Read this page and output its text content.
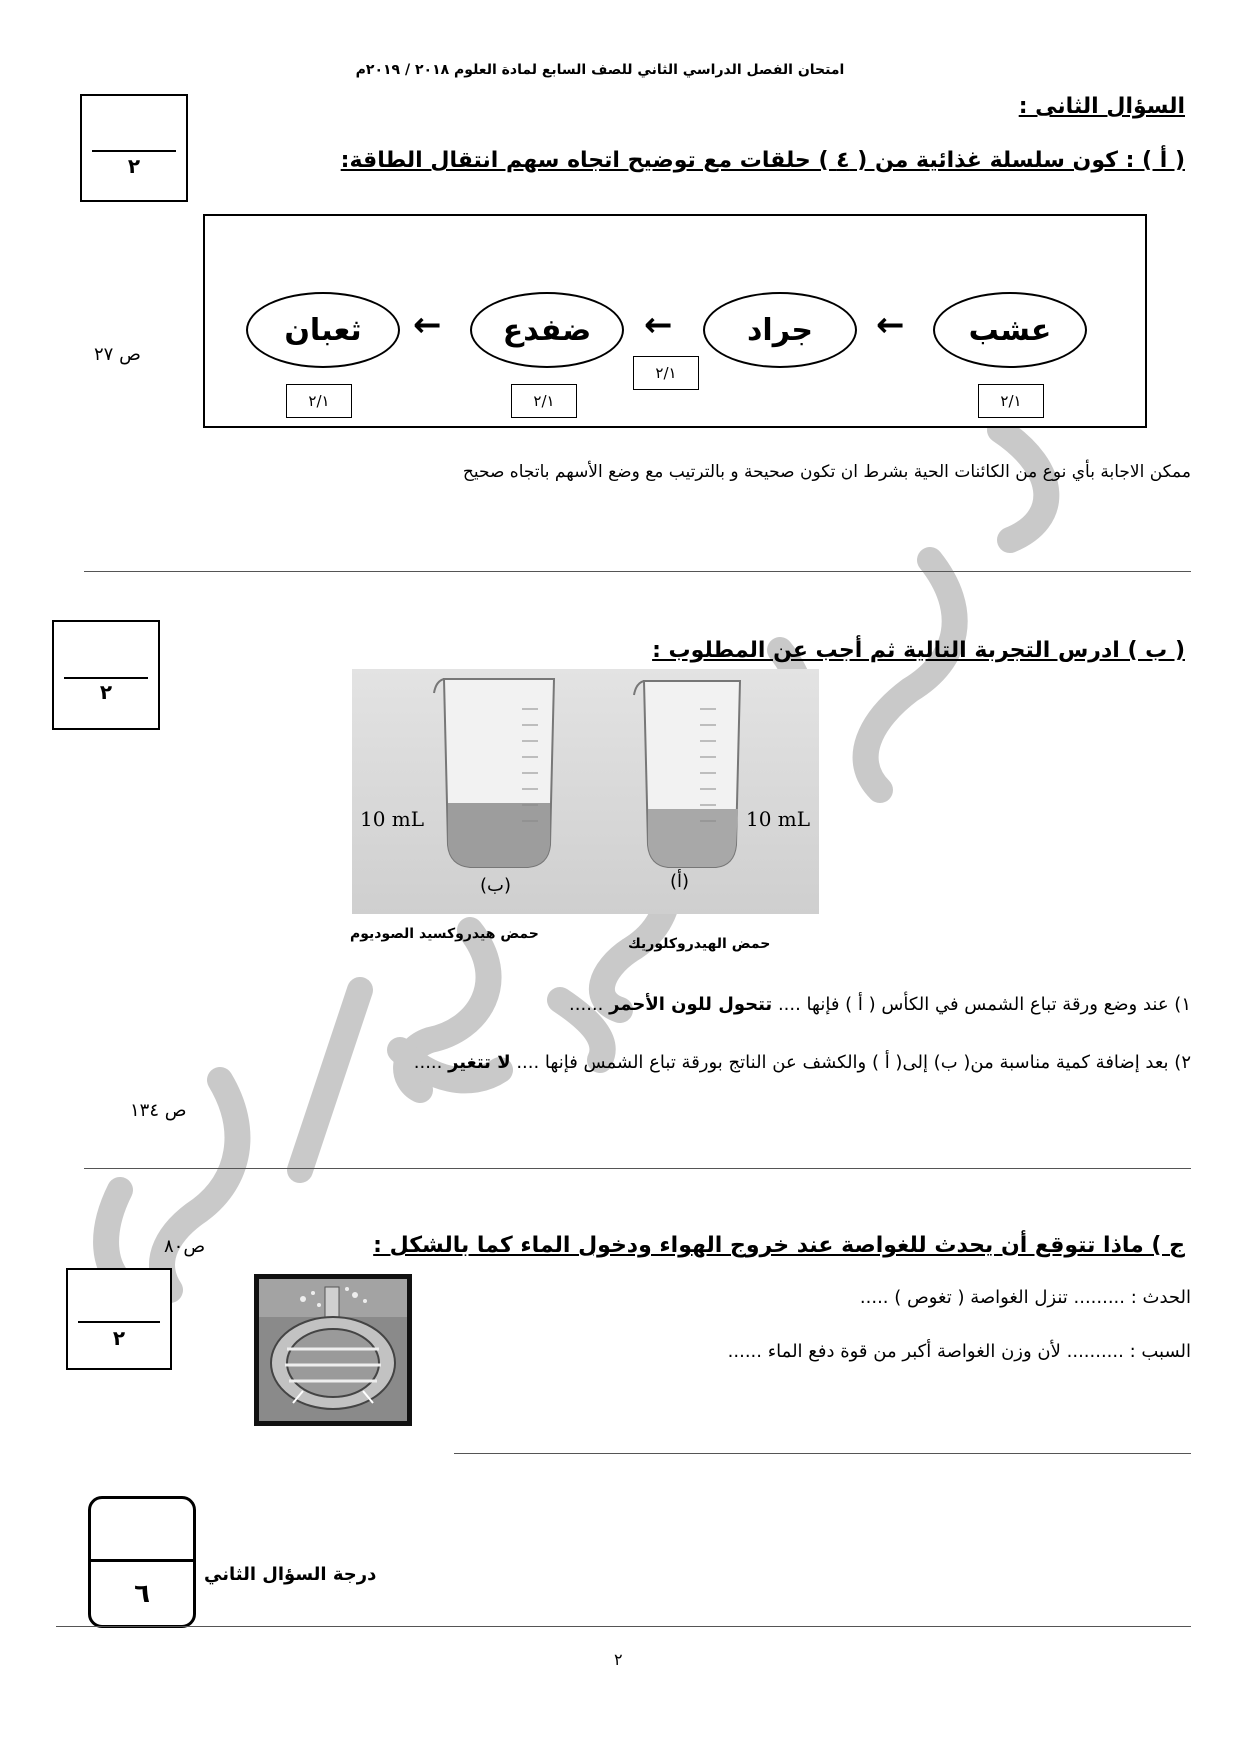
امتحان الفصل الدراسي الثاني للصف السابع لمادة العلوم ٢٠١٨ / ٢٠١٩م
السؤال الثانى :
٢	( أ ) : كون سلسلة غذائية من ( ٤ ) حلقات مع توضيح اتجاه سهم انتقال الطاقة:
عشب
←
جراد
←
ضفدع
←
ثعبان
٢/١
٢/١
٢/١
٢/١
ص ٢٧
ممكن الاجابة بأي نوع من الكائنات الحية بشرط ان تكون صحيحة و بالترتيب مع وضع الأسهم باتجاه صحيح
٢
( ب ) ادرس التجربة التالية ثم أجب عن المطلوب :
10 mL	10 mL
(ب)	(أ)
حمض هيدروكسيد الصوديوم
حمض الهيدروكلوريك
١) عند وضع ورقة تباع الشمس في الكأس ( أ ) فإنها .... تتحول للون الأحمر ......
٢) بعد إضافة كمية مناسبة من( ب) إلى( أ ) والكشف عن الناتج بورقة تباع الشمس فإنها .... لا تتغير .....
ص ١٣٤
ج ) ماذا تتوقع أن يحدث للغواصة عند خروج الهواء ودخول الماء كما بالشكل :
ص٨٠
٢
الحدث : ......... تنزل الغواصة ( تغوص ) .....
السبب : .......... لأن وزن الغواصة أكبر من قوة دفع الماء ......
٦
درجة السؤال الثاني
٢
